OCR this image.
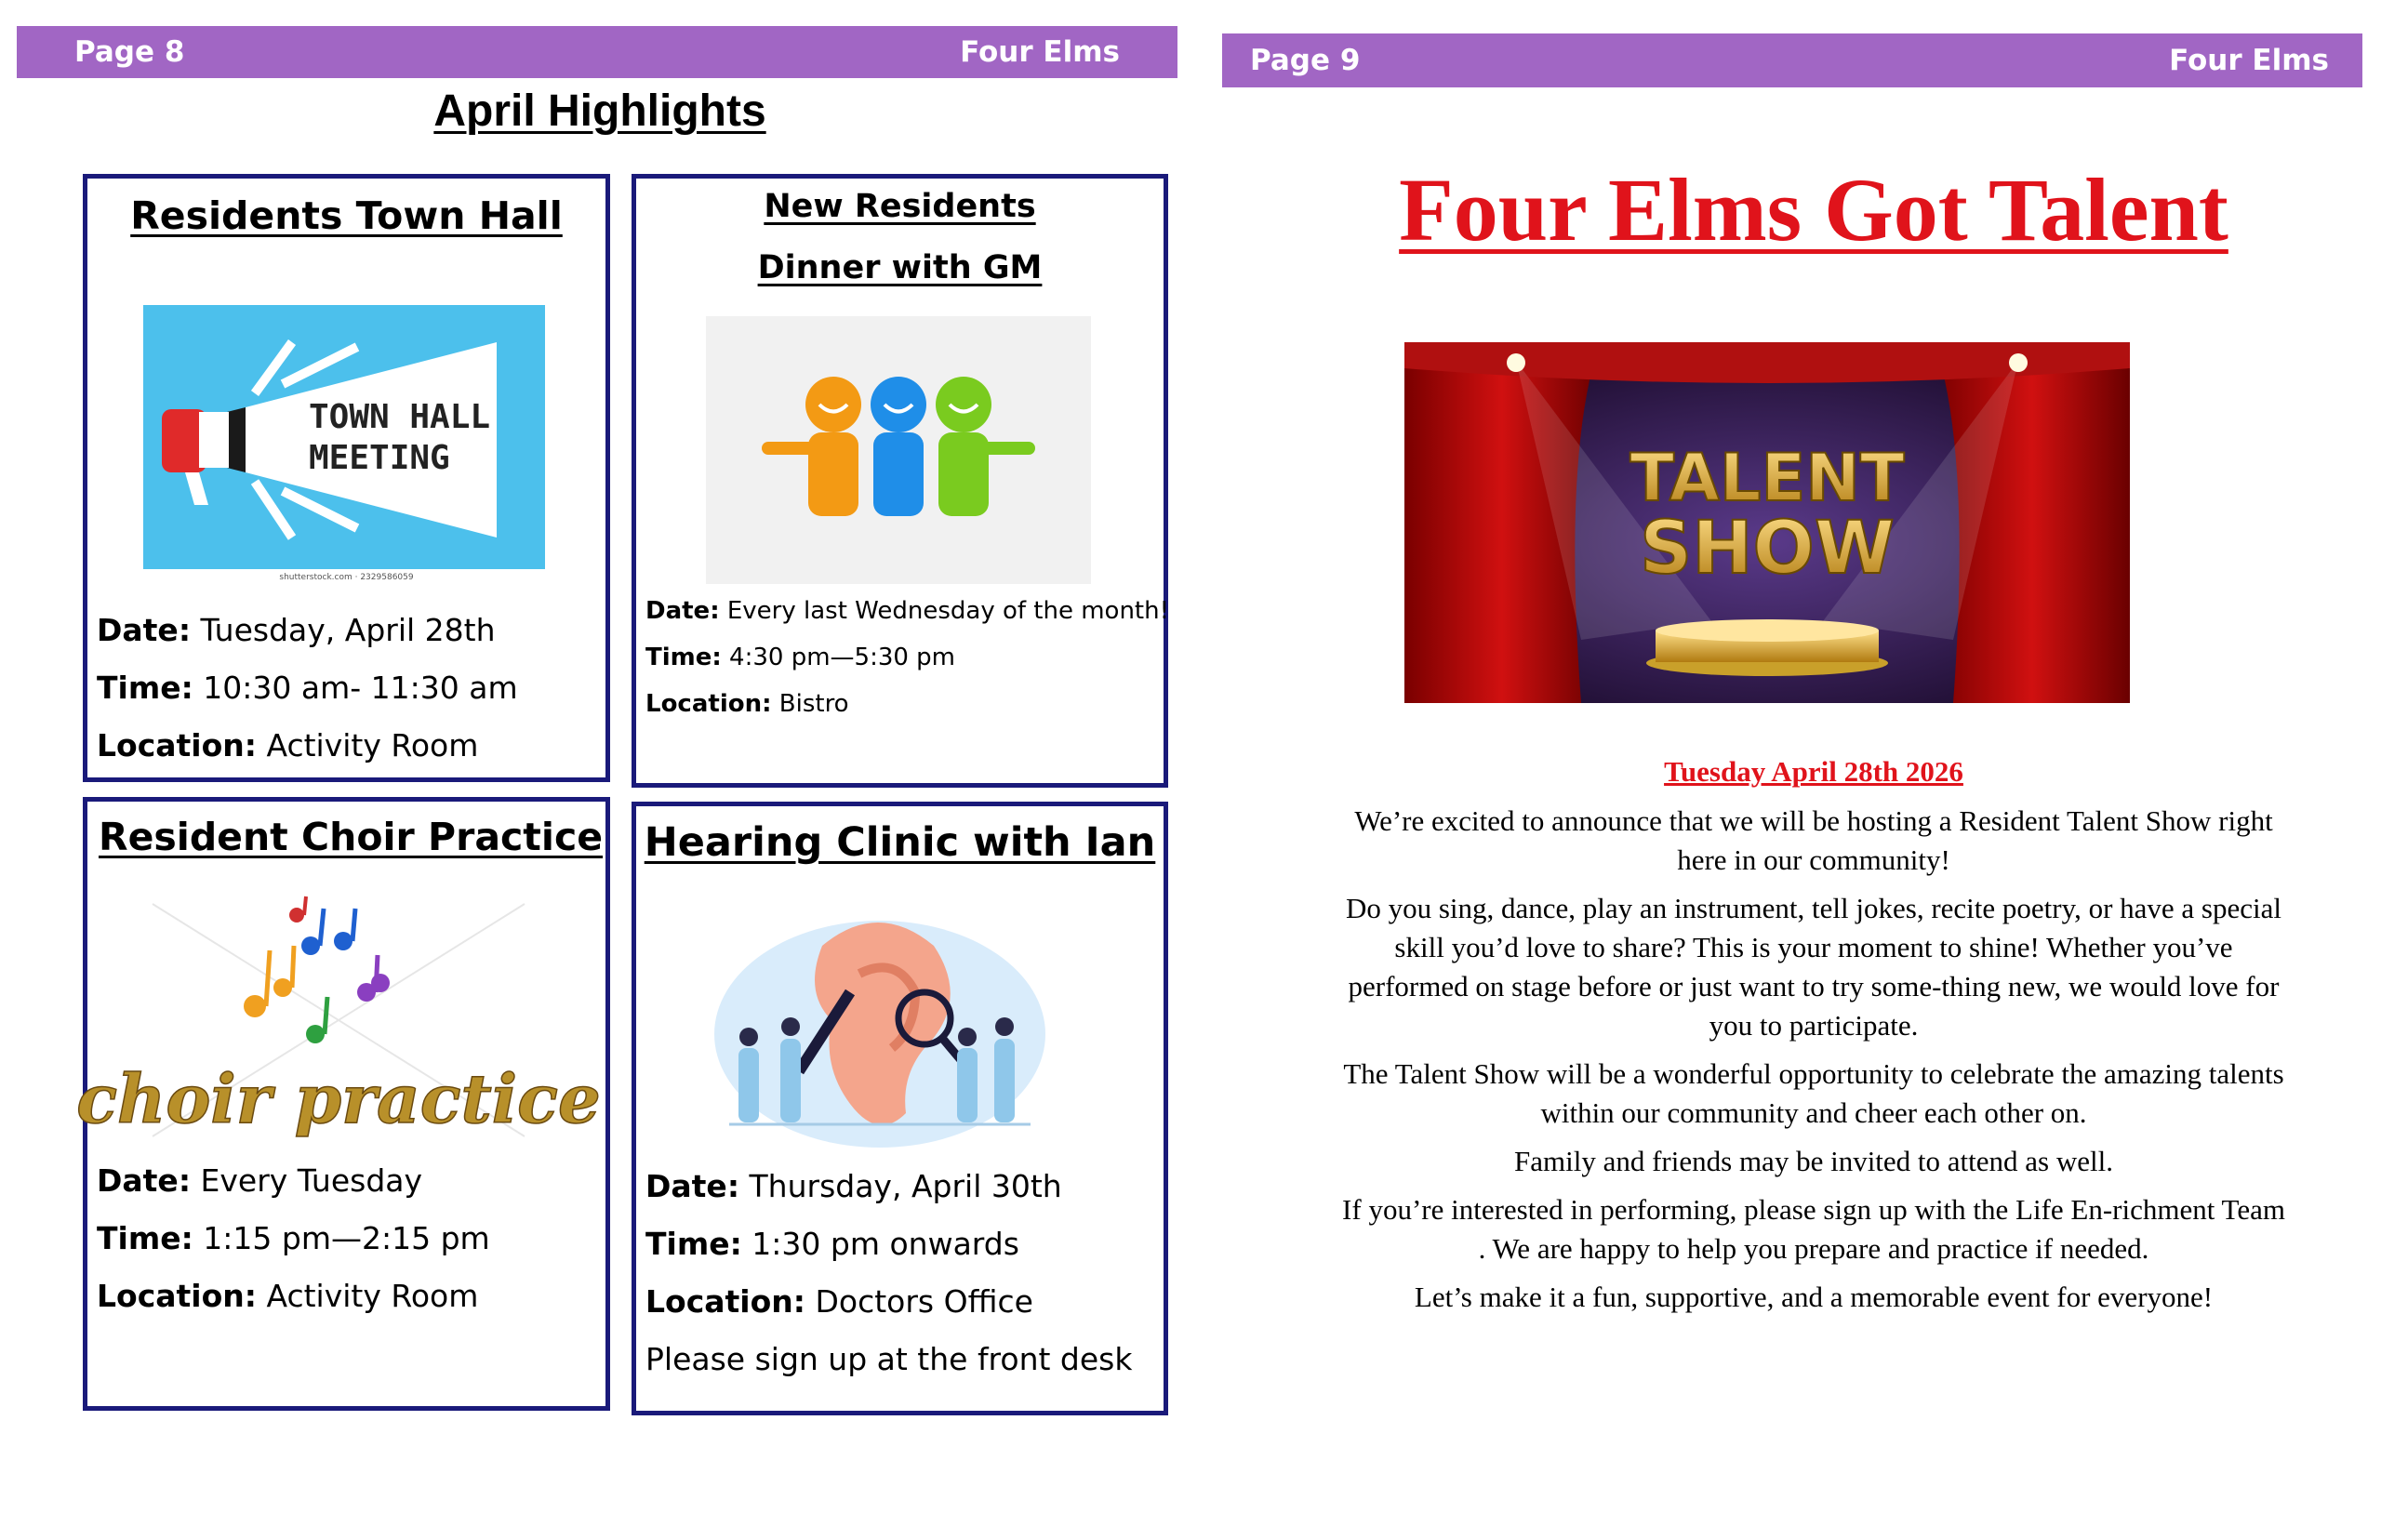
Page 8	Four Elms
April Highlights
Residents Town Hall
TOWN HALL
MEETING
shutterstock.com · 2329586059
Date: Tuesday, April 28th
Time: 10:30 am- 11:30 am
Location: Activity Room
New Residents
Dinner with GM
Date: Every last Wednesday of the month!
Time: 4:30 pm—5:30 pm
Location: Bistro
Resident Choir Practice
choir practice
Date: Every Tuesday
Time: 1:15 pm—2:15 pm
Location: Activity Room
Hearing Clinic with Ian
Date: Thursday, April 30th
Time: 1:30 pm onwards
Location: Doctors Office
Please sign up at the front desk
Page 9	Four Elms
Four Elms Got Talent
TALENT
SHOW
Tuesday April 28th 2026

We’re excited to announce that we will be hosting a Resident Talent Show right here in our community!

Do you sing, dance, play an instrument, tell jokes, recite poetry, or have a special skill you’d love to share? This is your moment to shine! Whether you’ve performed on stage before or just want to try some-thing new, we would love for you to participate.

The Talent Show will be a wonderful opportunity to celebrate the amazing talents within our community and cheer each other on.

Family and friends may be invited to attend as well.

If you’re interested in performing, please sign up with the Life En-richment Team . We are happy to help you prepare and practice if needed.

Let’s make it a fun, supportive, and a memorable event for everyone!
